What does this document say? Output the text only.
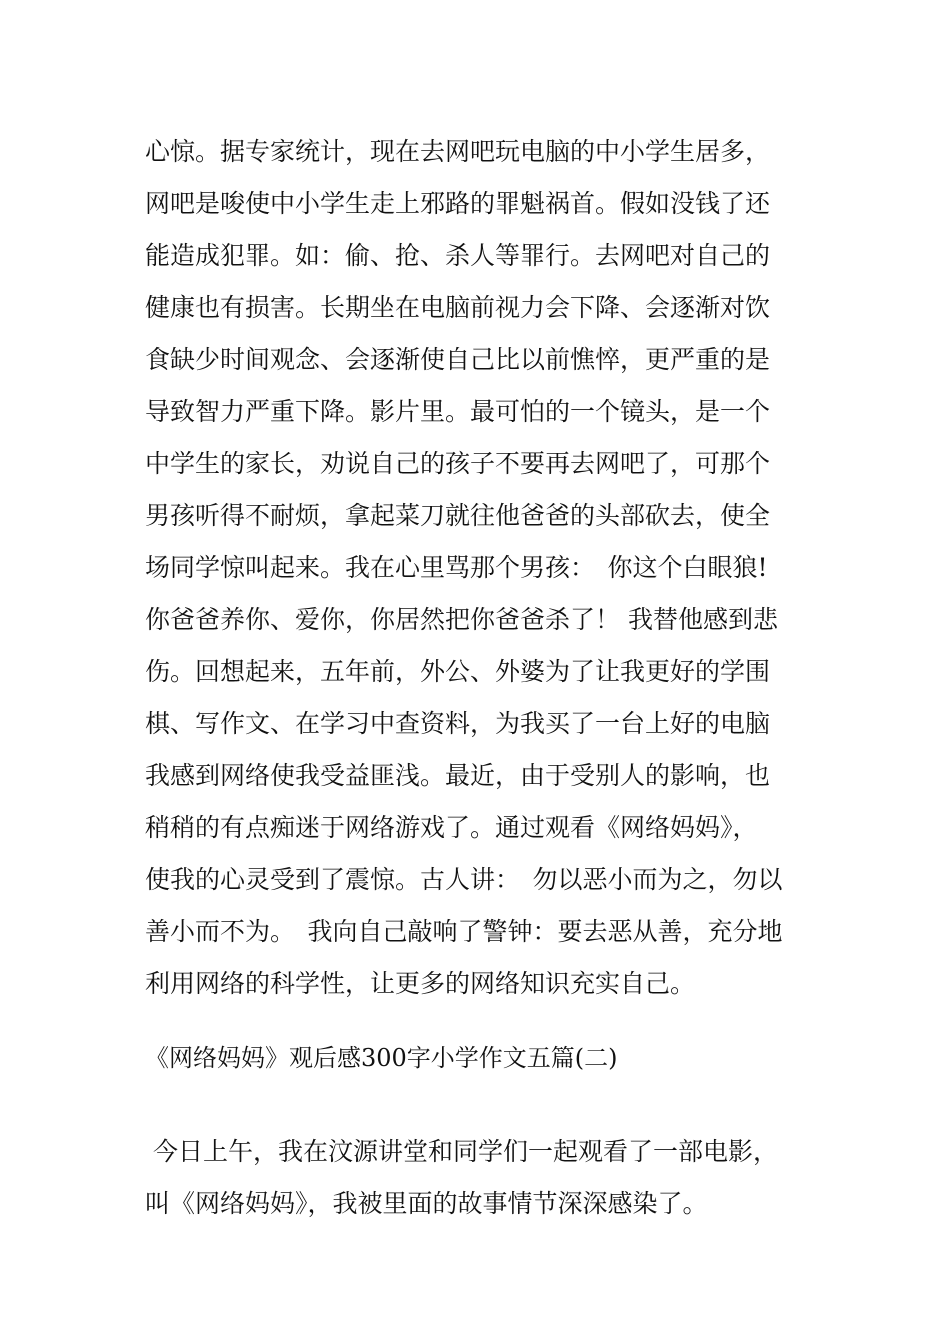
心惊。据专家统计，现在去网吧玩电脑的中小学生居多，
网吧是唆使中小学生走上邪路的罪魁祸首。假如没钱了还
能造成犯罪。如：偷、抢、杀人等罪行。去网吧对自己的
健康也有损害。长期坐在电脑前视力会下降、会逐渐对饮
食缺少时间观念、会逐渐使自己比以前憔悴，更严重的是
导致智力严重下降。影片里。最可怕的一个镜头，是一个
中学生的家长，劝说自己的孩子不要再去网吧了，可那个
男孩听得不耐烦，拿起菜刀就往他爸爸的头部砍去，使全
场同学惊叫起来。我在心里骂那个男孩：　你这个白眼狼!
你爸爸养你、爱你，你居然把你爸爸杀了！ 我替他感到悲
伤。回想起来，五年前，外公、外婆为了让我更好的学围
棋、写作文、在学习中查资料，为我买了一台上好的电脑
我感到网络使我受益匪浅。最近，由于受别人的影响，也
稍稍的有点痴迷于网络游戏了。通过观看《网络妈妈》，
使我的心灵受到了震惊。古人讲：　勿以恶小而为之，勿以
善小而不为。　我向自己敲响了警钟：要去恶从善，充分地
利用网络的科学性，让更多的网络知识充实自己。
《网络妈妈》观后感300字小学作文五篇(二)
今日上午，我在汶源讲堂和同学们一起观看了一部电影，
叫《网络妈妈》，我被里面的故事情节深深感染了。
